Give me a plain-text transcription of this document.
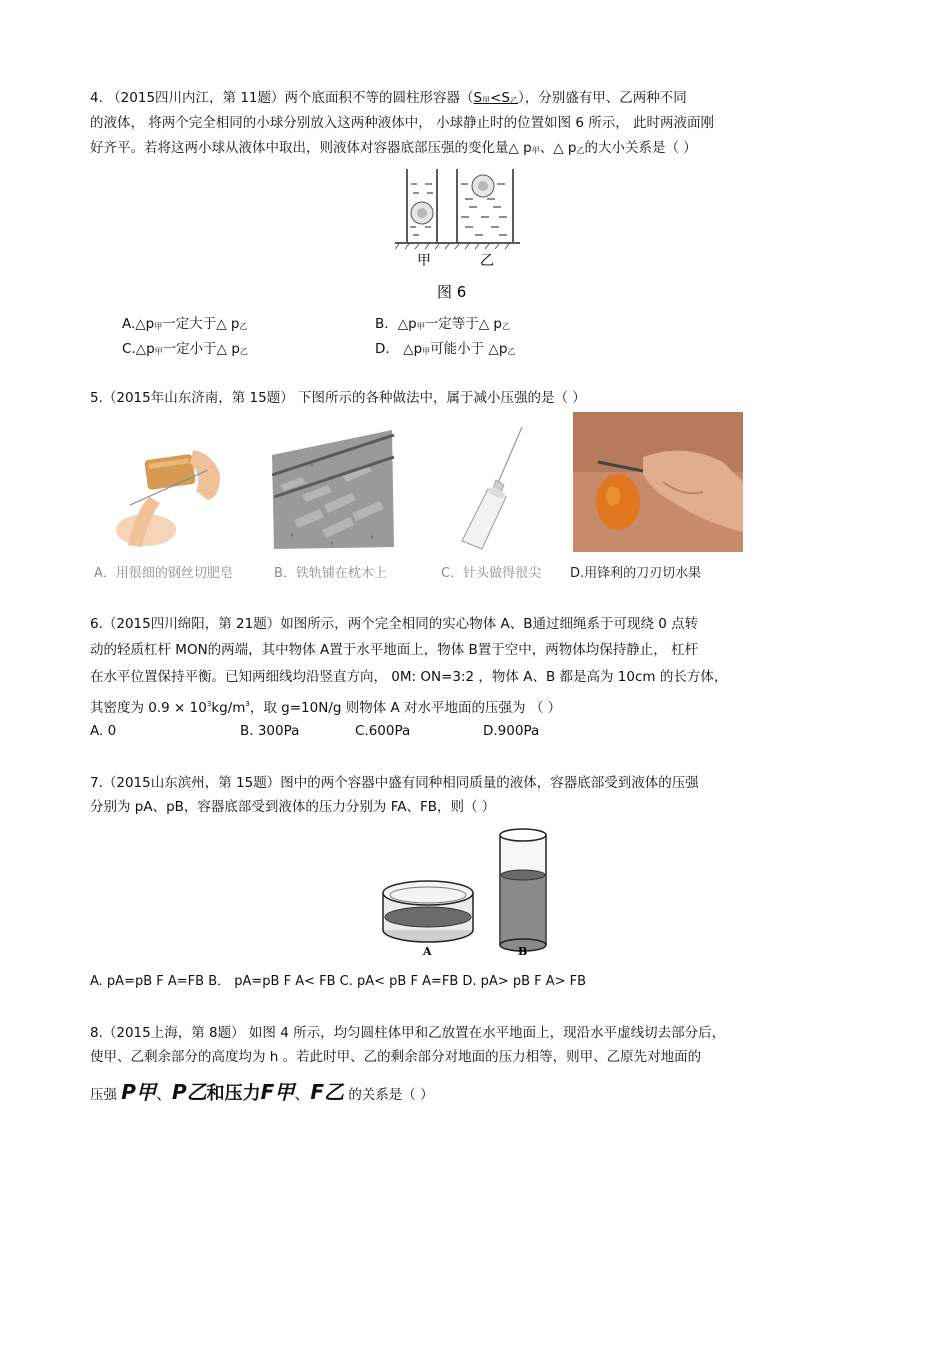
4. （2015四川内江，第 11题）两个底面积不等的圆柱形容器（S甲<S乙），分别盛有甲、乙两种不同
的液体， 将两个完全相同的小球分别放入这两种液体中， 小球静止时的位置如图 6 所示， 此时两液面刚
好齐平。若将这两小球从液体中取出，则液体对容器底部压强的变化量△ p甲、△ p乙的大小关系是（ ）
甲	乙
图 6
A.△p甲一定大于△ p乙	B．△p甲一定等于△ p乙
C.△p甲一定小于△ p乙	D． △p甲可能小于 △p乙
5.（2015年山东济南，第 15题） 下图所示的各种做法中，属于减小压强的是（ ）
A．用很细的钢丝切肥皂	B．铁轨铺在枕木上	C．针头做得很尖 D.用锋利的刀刃切水果
6.（2015四川绵阳，第 21题）如图所示，两个完全相同的实心物体 A、B通过细绳系于可现绕 0 点转
动的轻质杠杆 MON的两端，其中物体 A置于水平地面上，物体 B置于空中，两物体均保持静止， 杠杆
在水平位置保持平衡。已知两细线均沿竖直方向， 0M: ON=3:2 ，物体 A、B 都是高为 10cm 的长方体，
其密度为 $0.9 \times 10^3kg/m^3$，取 g=10N/g 则物体 A 对水平地面的压强为 （ ）
A. 0	B. 300Pa	C.600Pa	D.900Pa
7.（2015山东滨州，第 15题）图中的两个容器中盛有同种相同质量的液体，容器底部受到液体的压强
分别为 pA、pB，容器底部受到液体的压力分别为 FA、FB，则（ ）
A	B
A. pA=pB F A=FB B． pA=pB F A< FB C. pA< pB F A=FB D. pA> pB F A> FB
8.（2015上海，第 8题） 如图 4 所示，均匀圆柱体甲和乙放置在水平地面上，现沿水平虚线切去部分后，
使甲、乙剩余部分的高度均为 h 。若此时甲、乙的剩余部分对地面的压力相等，则甲、乙原先对地面的
压强 P甲、P乙和压力F甲、F乙 的关系是（ ）
